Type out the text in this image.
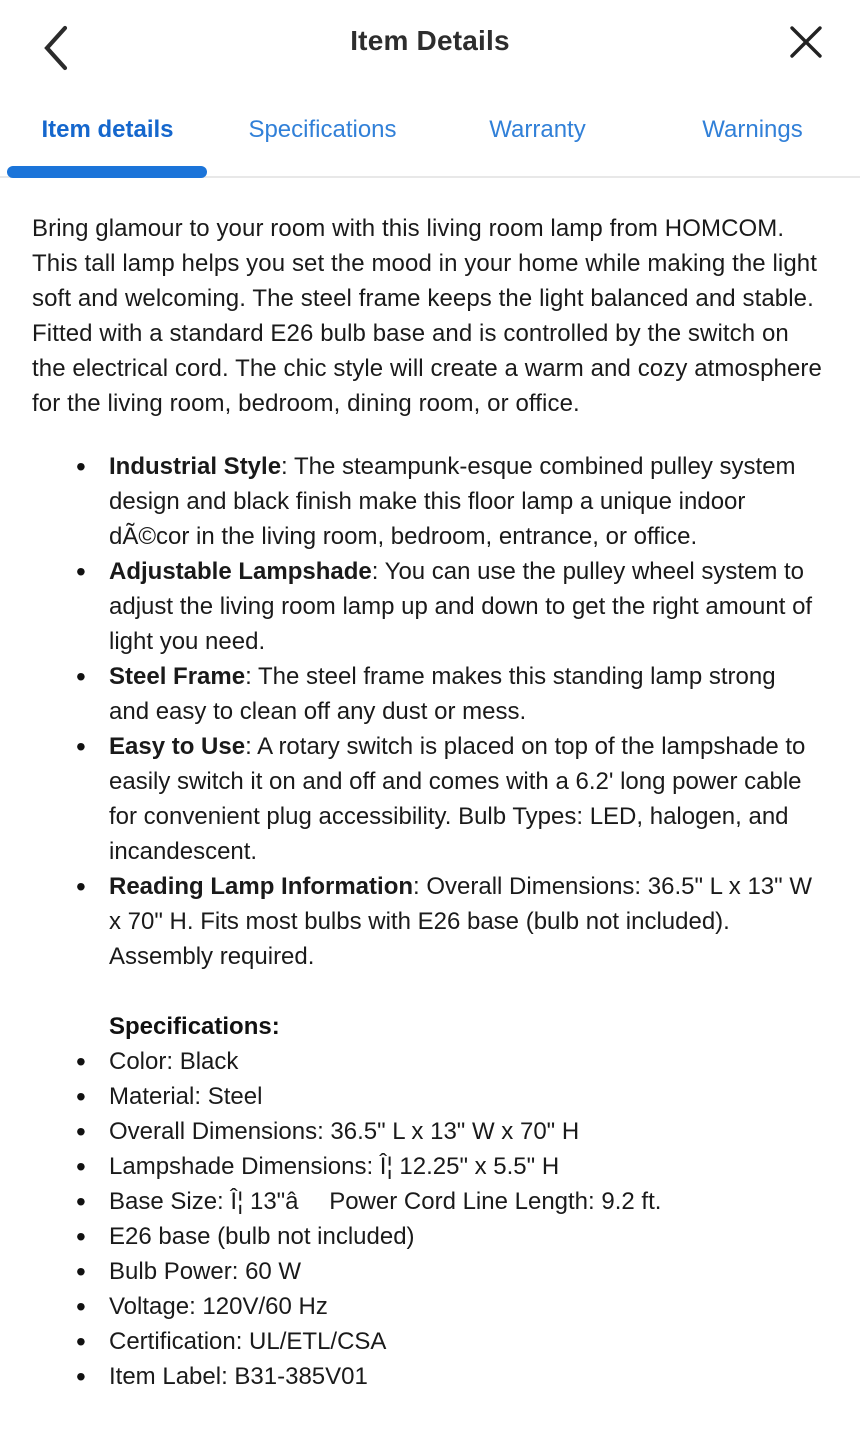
Item Details
Item details	Specifications	Warranty	Warnings

Bring glamour to your room with this living room lamp from HOMCOM. This tall lamp helps you set the mood in your home while making the light soft and welcoming. The steel frame keeps the light balanced and stable. Fitted with a standard E26 bulb base and is controlled by the switch on the electrical cord. The chic style will create a warm and cozy atmosphere for the living room, bedroom, dining room, or office.

• Industrial Style: The steampunk-esque combined pulley system design and black finish make this floor lamp a unique indoor dÃ©cor in the living room, bedroom, entrance, or office.
• Adjustable Lampshade: You can use the pulley wheel system to adjust the living room lamp up and down to get the right amount of light you need.
• Steel Frame: The steel frame makes this standing lamp strong and easy to clean off any dust or mess.
• Easy to Use: A rotary switch is placed on top of the lampshade to easily switch it on and off and comes with a 6.2' long power cable for convenient plug accessibility. Bulb Types: LED, halogen, and incandescent.
• Reading Lamp Information: Overall Dimensions: 36.5" L x 13" W x 70" H. Fits most bulbs with E26 base (bulb not included). Assembly required.
Specifications:
• Color: Black
• Material: Steel
• Overall Dimensions: 36.5" L x 13" W x 70" H
• Lampshade Dimensions: Î¦ 12.25" x 5.5" H
• Base Size: Î¦ 13"â  Power Cord Line Length: 9.2 ft.
• E26 base (bulb not included)
• Bulb Power: 60 W
• Voltage: 120V/60 Hz
• Certification: UL/ETL/CSA
• Item Label: B31-385V01
